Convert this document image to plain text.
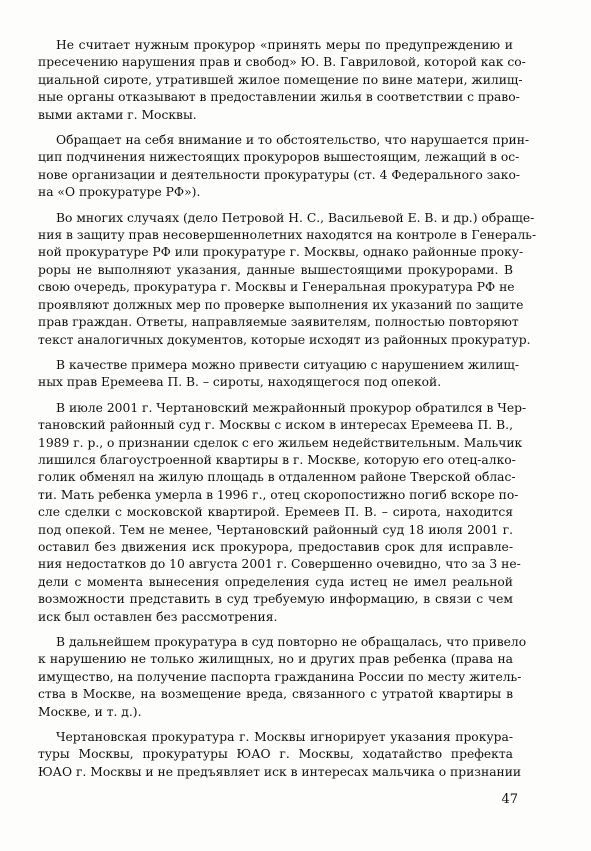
Не считает нужным прокурор «принять меры по предупреждению и
пресечению нарушения прав и свобод» Ю. В. Гавриловой, которой как со-
циальной сироте, утратившей жилое помещение по вине матери, жилищ-
ные органы отказывают в предоставлении жилья в соответствии с право-
выми актами г. Москвы.

Обращает на себя внимание и то обстоятельство, что нарушается прин-
цип подчинения нижестоящих прокуроров вышестоящим, лежащий в ос-
нове организации и деятельности прокуратуры (ст. 4 Федерального зако-
на «О прокуратуре РФ»).

Во многих случаях (дело Петровой Н. С., Васильевой Е. В. и др.) обраще-
ния в защиту прав несовершеннолетних находятся на контроле в Генераль-
ной прокуратуре РФ или прокуратуре г. Москвы, однако районные проку-
роры не выполняют указания, данные вышестоящими прокурорами. В
свою очередь, прокуратура г. Москвы и Генеральная прокуратура РФ не
проявляют должных мер по проверке выполнения их указаний по защите
прав граждан. Ответы, направляемые заявителям, полностью повторяют
текст аналогичных документов, которые исходят из районных прокуратур.

В качестве примера можно привести ситуацию с нарушением жилищ-
ных прав Еремеева П. В. – сироты, находящегося под опекой.

В июле 2001 г. Чертановский межрайонный прокурор обратился в Чер-
тановский районный суд г. Москвы с иском в интересах Еремеева П. В.,
1989 г. р., о признании сделок с его жильем недействительным. Мальчик
лишился благоустроенной квартиры в г. Москве, которую его отец-алко-
голик обменял на жилую площадь в отдаленном районе Тверской облас-
ти. Мать ребенка умерла в 1996 г., отец скоропостижно погиб вскоре по-
сле сделки с московской квартирой. Еремеев П. В. – сирота, находится
под опекой. Тем не менее, Чертановский районный суд 18 июля 2001 г.
оставил без движения иск прокурора, предоставив срок для исправле-
ния недостатков до 10 августа 2001 г. Совершенно очевидно, что за 3 не-
дели с момента вынесения определения суда истец не имел реальной
возможности представить в суд требуемую информацию, в связи с чем
иск был оставлен без рассмотрения.

В дальнейшем прокуратура в суд повторно не обращалась, что привело
к нарушению не только жилищных, но и других прав ребенка (права на
имущество, на получение паспорта гражданина России по месту житель-
ства в Москве, на возмещение вреда, связанного с утратой квартиры в
Москве, и т. д.).

Чертановская прокуратура г. Москвы игнорирует указания прокура-
туры Москвы, прокуратуры ЮАО г. Москвы, ходатайство префекта
ЮАО г. Москвы и не предъявляет иск в интересах мальчика о признании

47
